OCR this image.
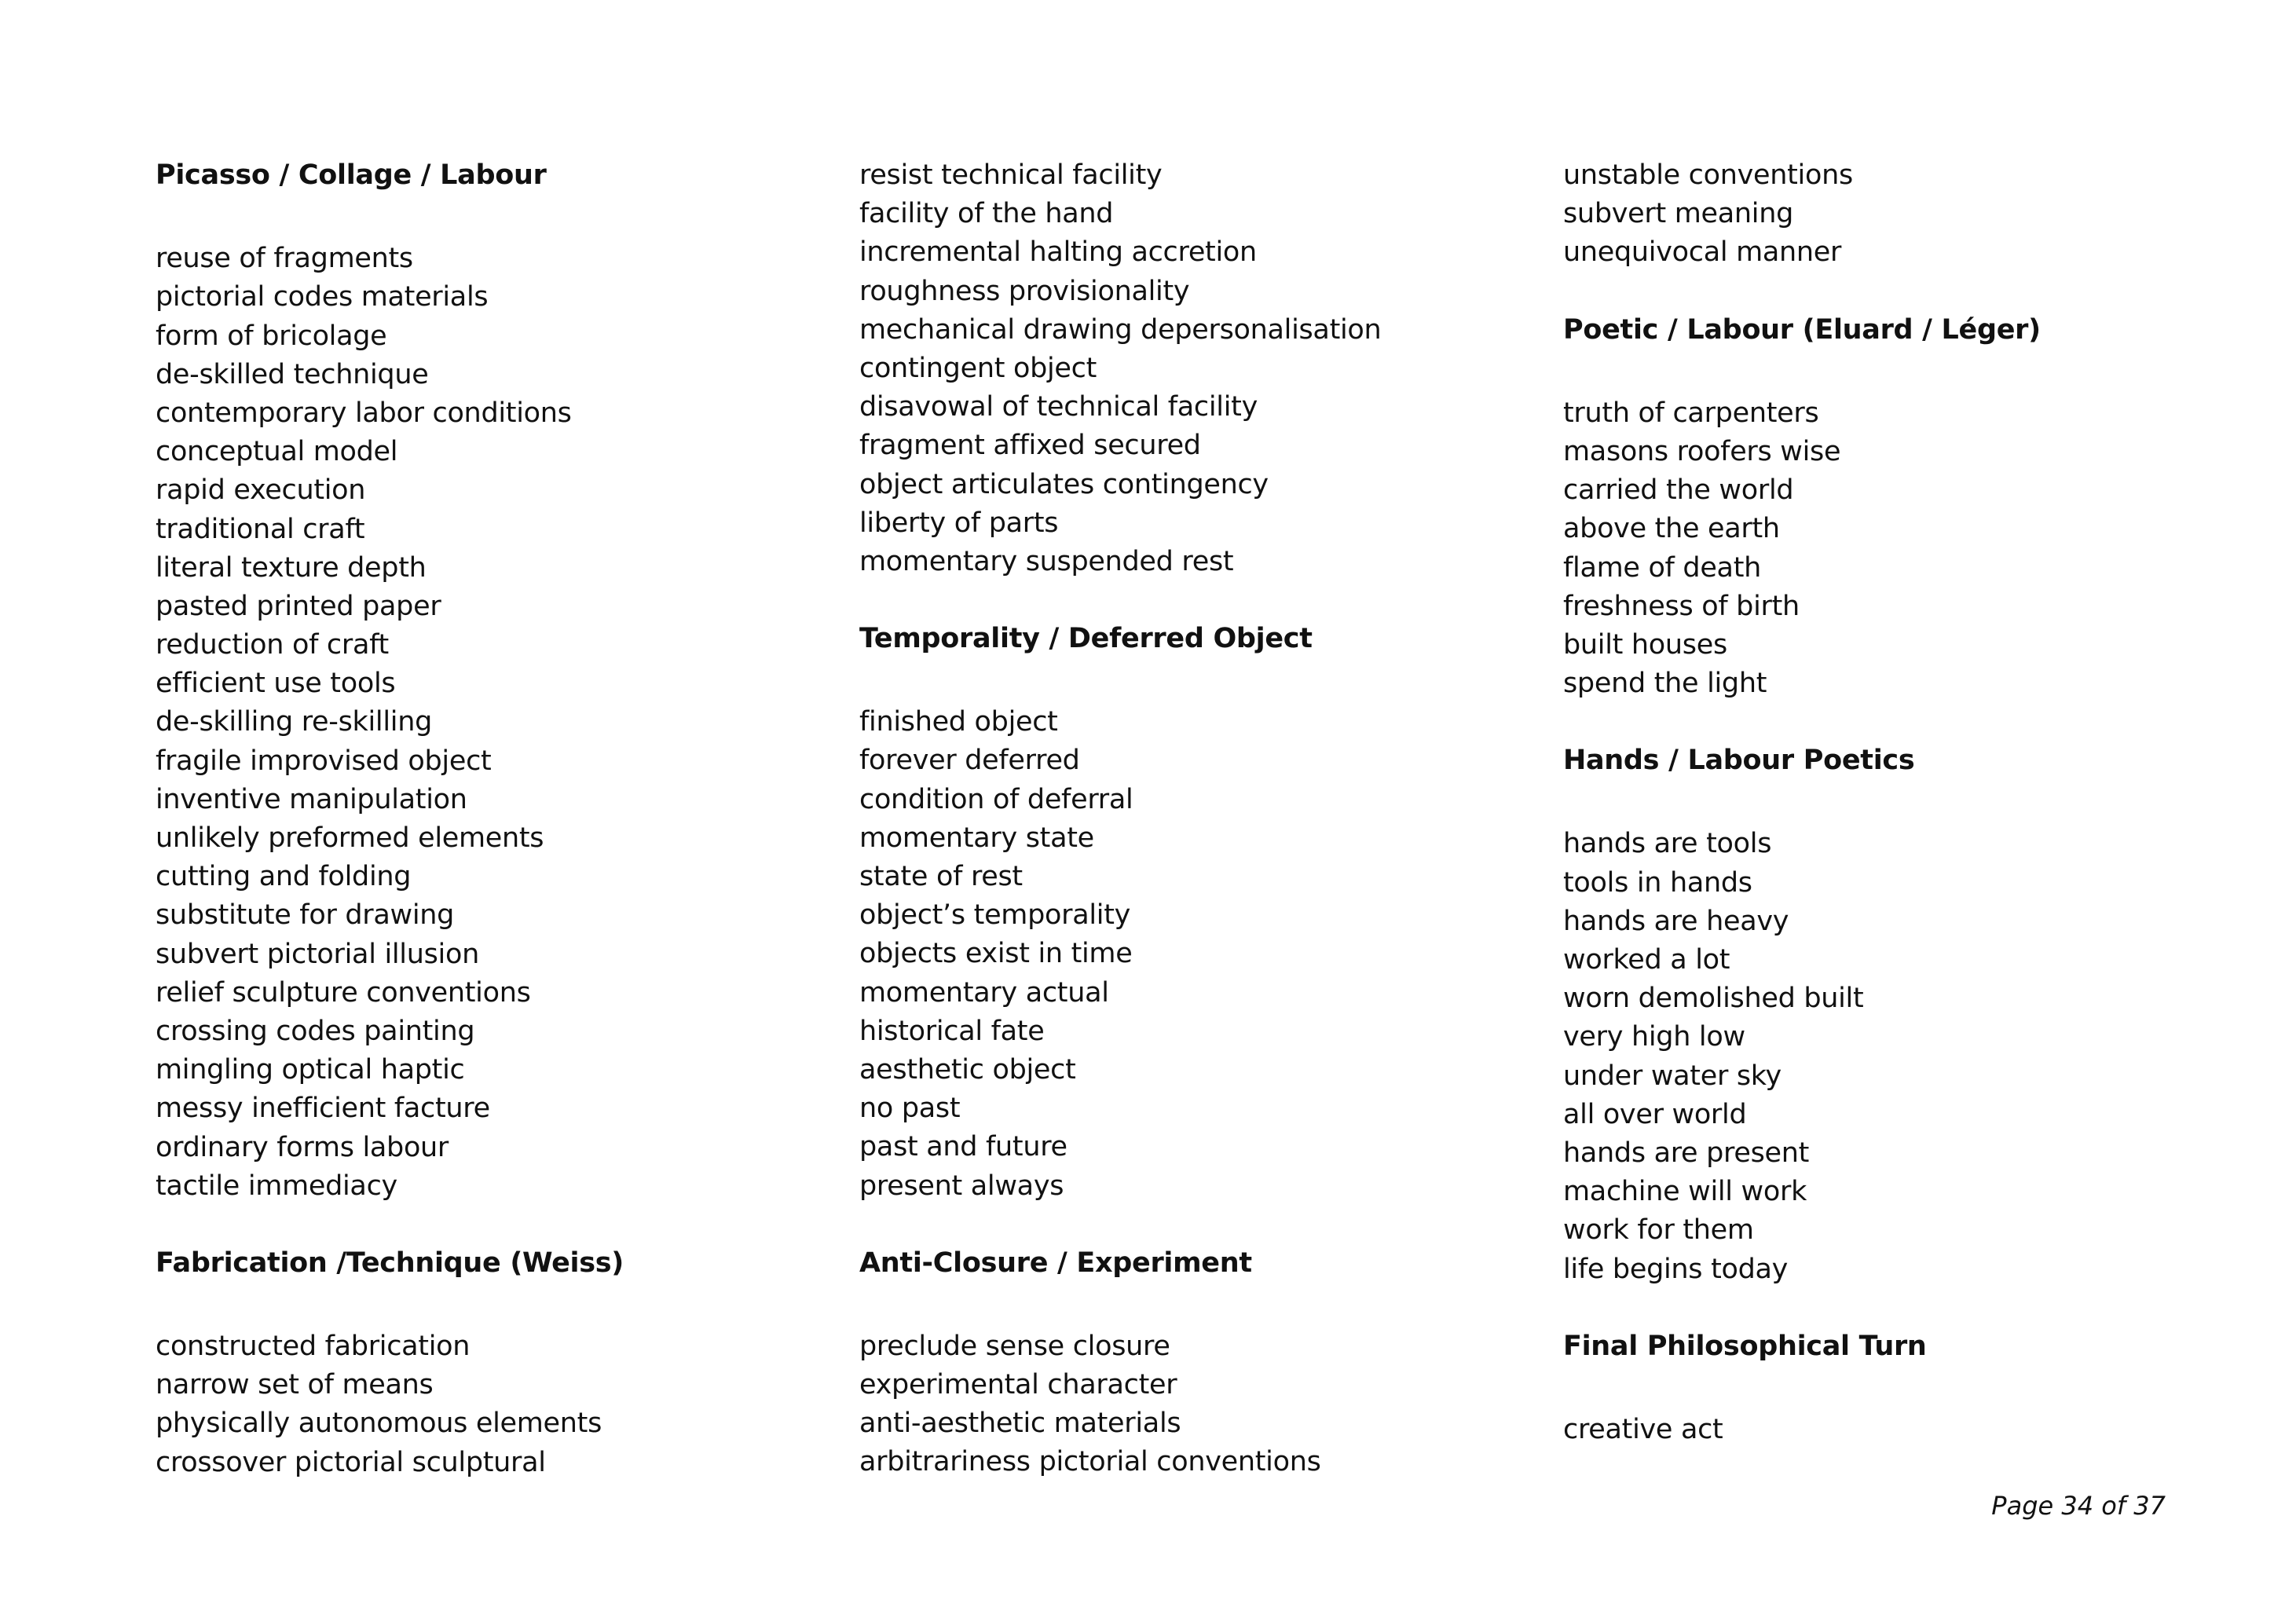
Picasso / Collage / Labour
reuse of fragments
pictorial codes materials
form of bricolage
de-skilled technique
contemporary labor conditions
conceptual model
rapid execution
traditional craft
literal texture depth
pasted printed paper
reduction of craft
efficient use tools
de-skilling re-skilling
fragile improvised object
inventive manipulation
unlikely preformed elements
cutting and folding
substitute for drawing
subvert pictorial illusion
relief sculpture conventions
crossing codes painting
mingling optical haptic
messy inefficient facture
ordinary forms labour
tactile immediacy
Fabrication /Technique (Weiss)
constructed fabrication
narrow set of means
physically autonomous elements
crossover pictorial sculptural
resist technical facility
facility of the hand
incremental halting accretion
roughness provisionality
mechanical drawing depersonalisation
contingent object
disavowal of technical facility
fragment affixed secured
object articulates contingency
liberty of parts
momentary suspended rest
Temporality / Deferred Object
finished object
forever deferred
condition of deferral
momentary state
state of rest
object’s temporality
objects exist in time
momentary actual
historical fate
aesthetic object
no past
past and future
present always
Anti-Closure / Experiment
preclude sense closure
experimental character
anti-aesthetic materials
arbitrariness pictorial conventions
unstable conventions
subvert meaning
unequivocal manner
Poetic / Labour (Eluard / Léger)
truth of carpenters
masons roofers wise
carried the world
above the earth
flame of death
freshness of birth
built houses
spend the light
Hands / Labour Poetics
hands are tools
tools in hands
hands are heavy
worked a lot
worn demolished built
very high low
under water sky
all over world
hands are present
machine will work
work for them
life begins today
Final Philosophical Turn
creative act
Page 34 of 37
